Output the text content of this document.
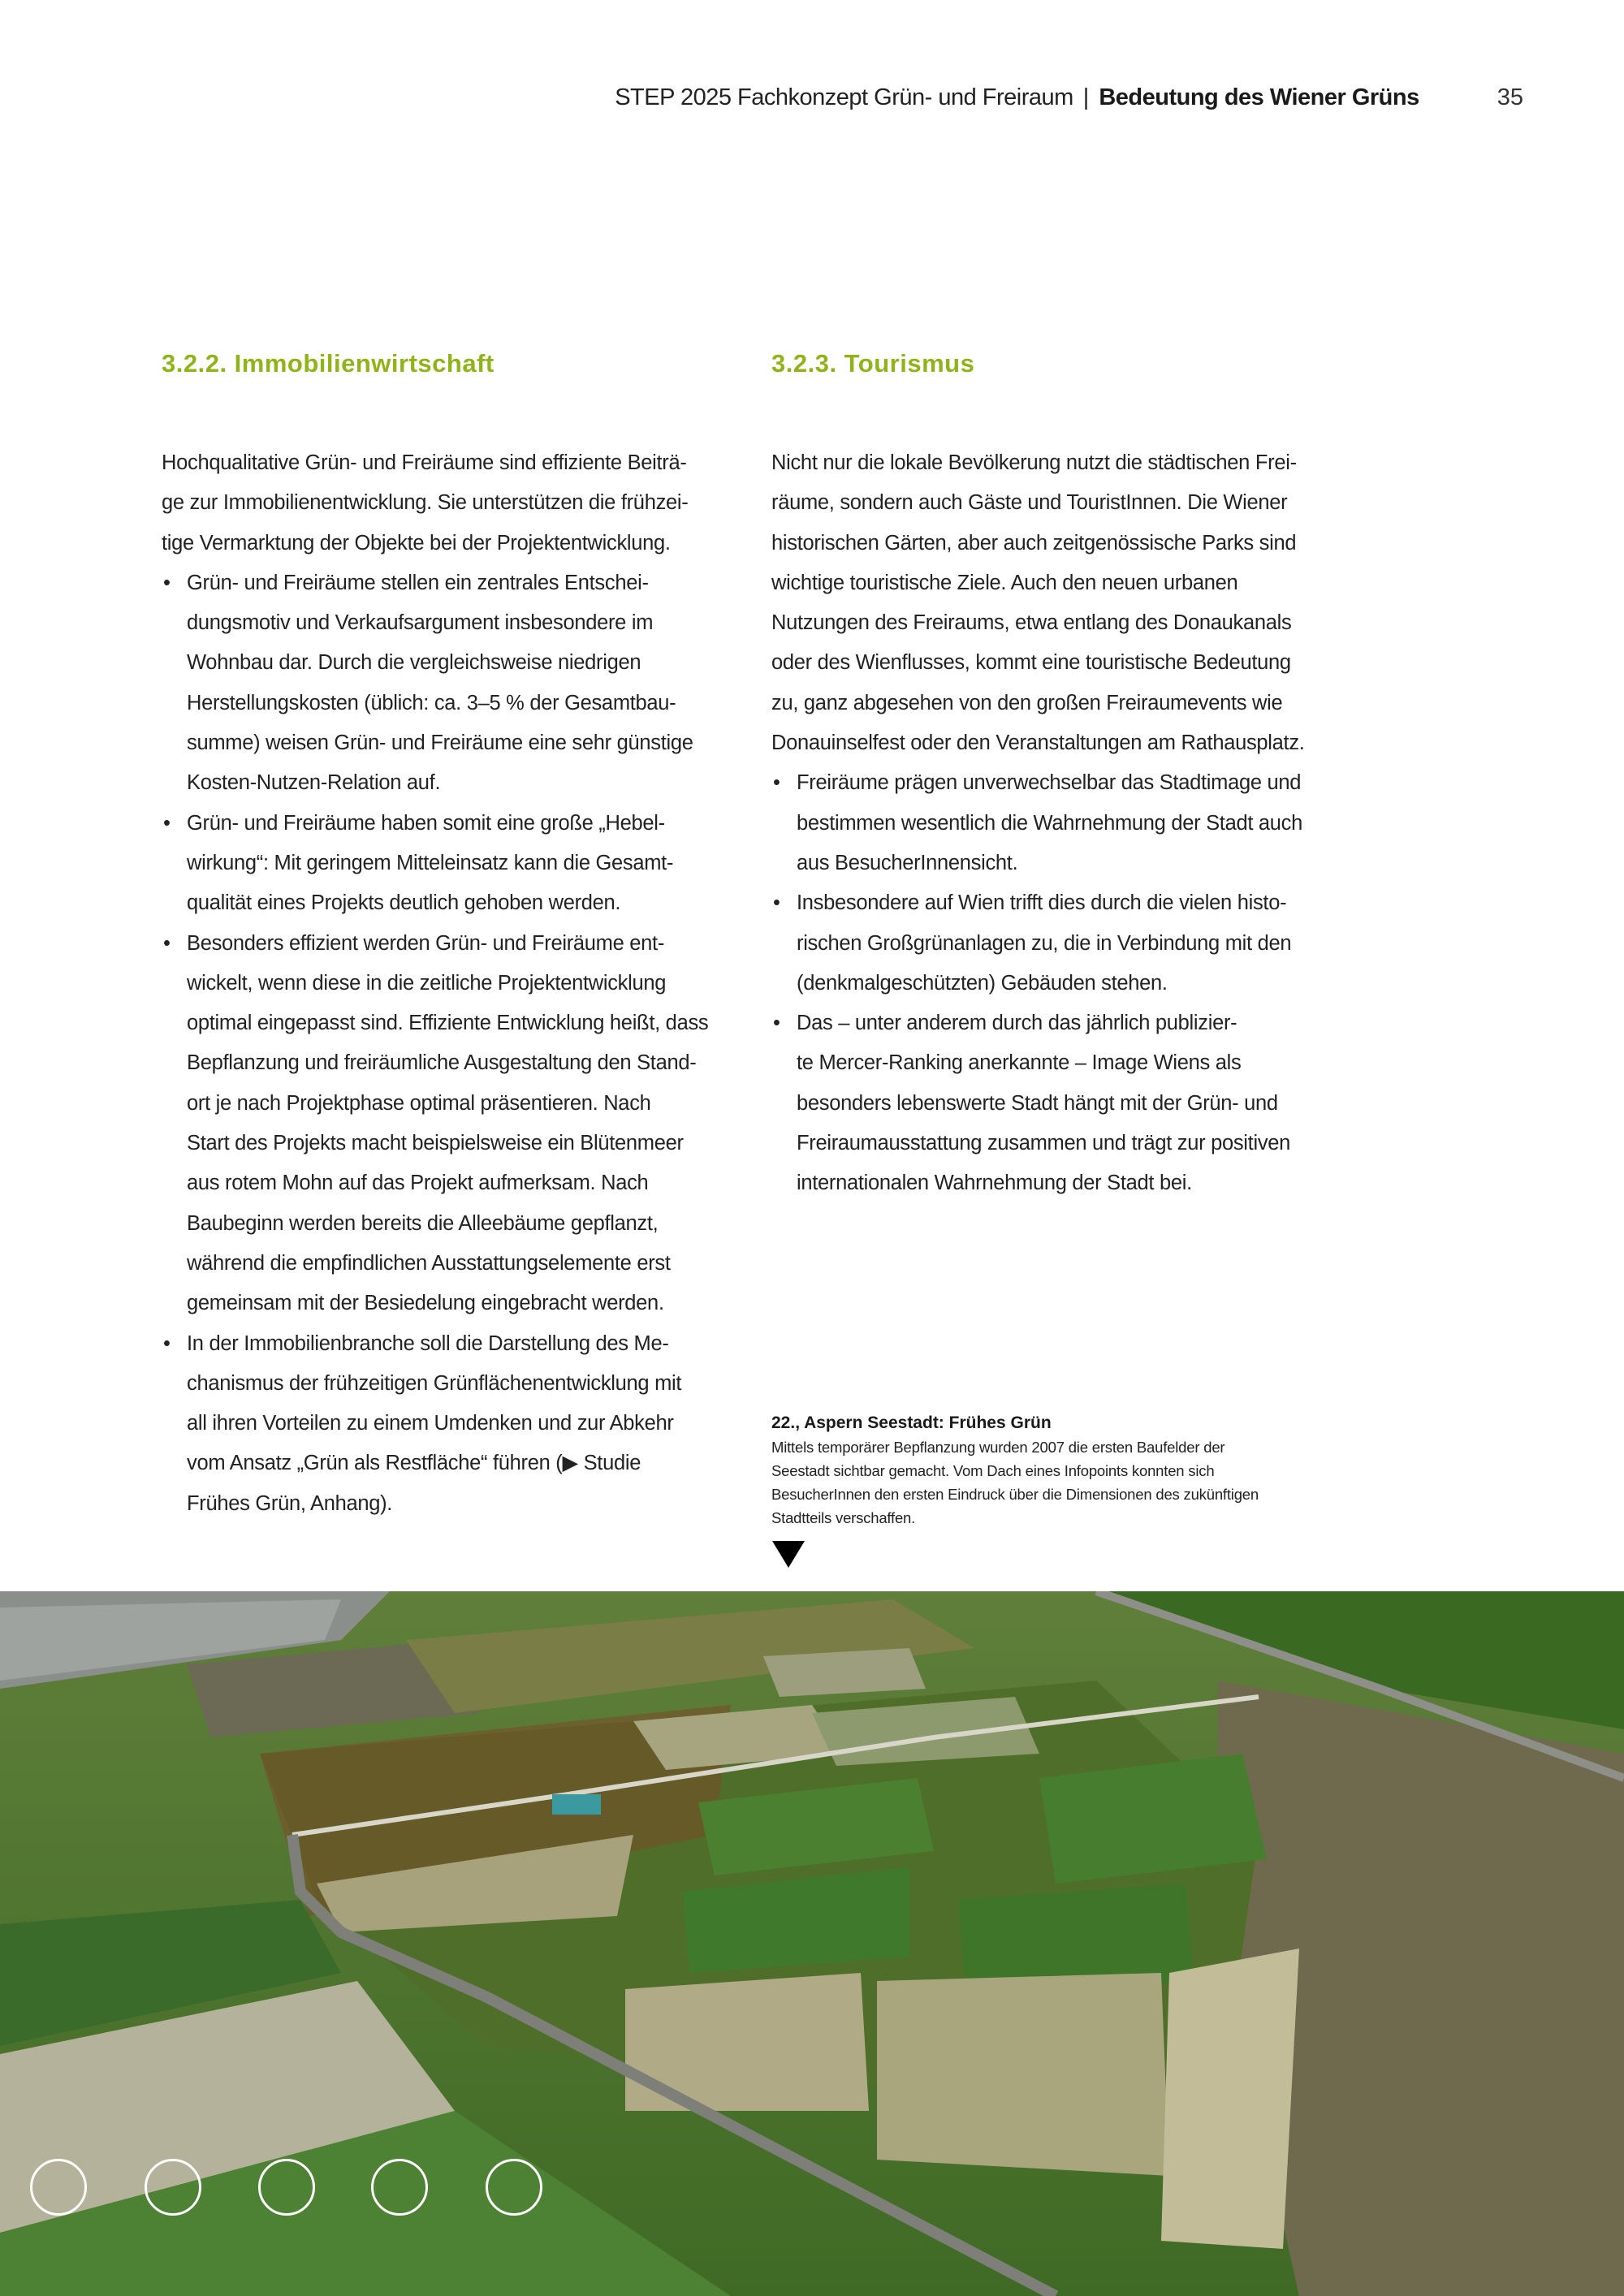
STEP 2025 Fachkonzept Grün- und Freiraum | Bedeutung des Wiener Grüns	35
3.2.2. Immobilienwirtschaft
Hochqualitative Grün- und Freiräume sind effiziente Beiträ-
ge zur Immobilienentwicklung. Sie unterstützen die frühzei-
tige Vermarktung der Objekte bei der Projektentwicklung.
• Grün- und Freiräume stellen ein zentrales Entschei-
dungsmotiv und Verkaufsargument insbesondere im
Wohnbau dar. Durch die vergleichsweise niedrigen
Herstellungskosten (üblich: ca. 3–5 % der Gesamtbau-
summe) weisen Grün- und Freiräume eine sehr günstige
Kosten-Nutzen-Relation auf.
• Grün- und Freiräume haben somit eine große „Hebel-
wirkung“: Mit geringem Mitteleinsatz kann die Gesamt-
qualität eines Projekts deutlich gehoben werden.
• Besonders effizient werden Grün- und Freiräume ent-
wickelt, wenn diese in die zeitliche Projektentwicklung
optimal eingepasst sind. Effiziente Entwicklung heißt, dass
Bepflanzung und freiräumliche Ausgestaltung den Stand-
ort je nach Projektphase optimal präsentieren. Nach
Start des Projekts macht beispielsweise ein Blütenmeer
aus rotem Mohn auf das Projekt aufmerksam. Nach
Baubeginn werden bereits die Alleebäume gepflanzt,
während die empfindlichen Ausstattungselemente erst
gemeinsam mit der Besiedelung eingebracht werden.
• In der Immobilienbranche soll die Darstellung des Me-
chanismus der frühzeitigen Grünflächenentwicklung mit
all ihren Vorteilen zu einem Umdenken und zur Abkehr
vom Ansatz „Grün als Restfläche“ führen (▶ Studie
Frühes Grün, Anhang).
3.2.3. Tourismus
Nicht nur die lokale Bevölkerung nutzt die städtischen Frei-
räume, sondern auch Gäste und TouristInnen. Die Wiener
historischen Gärten, aber auch zeitgenössische Parks sind
wichtige touristische Ziele. Auch den neuen urbanen
Nutzungen des Freiraums, etwa entlang des Donaukanals
oder des Wienflusses, kommt eine touristische Bedeutung
zu, ganz abgesehen von den großen Freiraumevents wie
Donauinselfest oder den Veranstaltungen am Rathausplatz.
• Freiräume prägen unverwechselbar das Stadtimage und
bestimmen wesentlich die Wahrnehmung der Stadt auch
aus BesucherInnensicht.
• Insbesondere auf Wien trifft dies durch die vielen histo-
rischen Großgrünanlagen zu, die in Verbindung mit den
(denkmalgeschützten) Gebäuden stehen.
• Das – unter anderem durch das jährlich publizier-
te Mercer-Ranking anerkannte – Image Wiens als
besonders lebenswerte Stadt hängt mit der Grün- und
Freiraumausstattung zusammen und trägt zur positiven
internationalen Wahrnehmung der Stadt bei.
22., Aspern Seestadt: Frühes Grün
Mittels temporärer Bepflanzung wurden 2007 die ersten Baufelder der
Seestadt sichtbar gemacht. Vom Dach eines Infopoints konnten sich
BesucherInnen den ersten Eindruck über die Dimensionen des zukünftigen
Stadtteils verschaffen.
